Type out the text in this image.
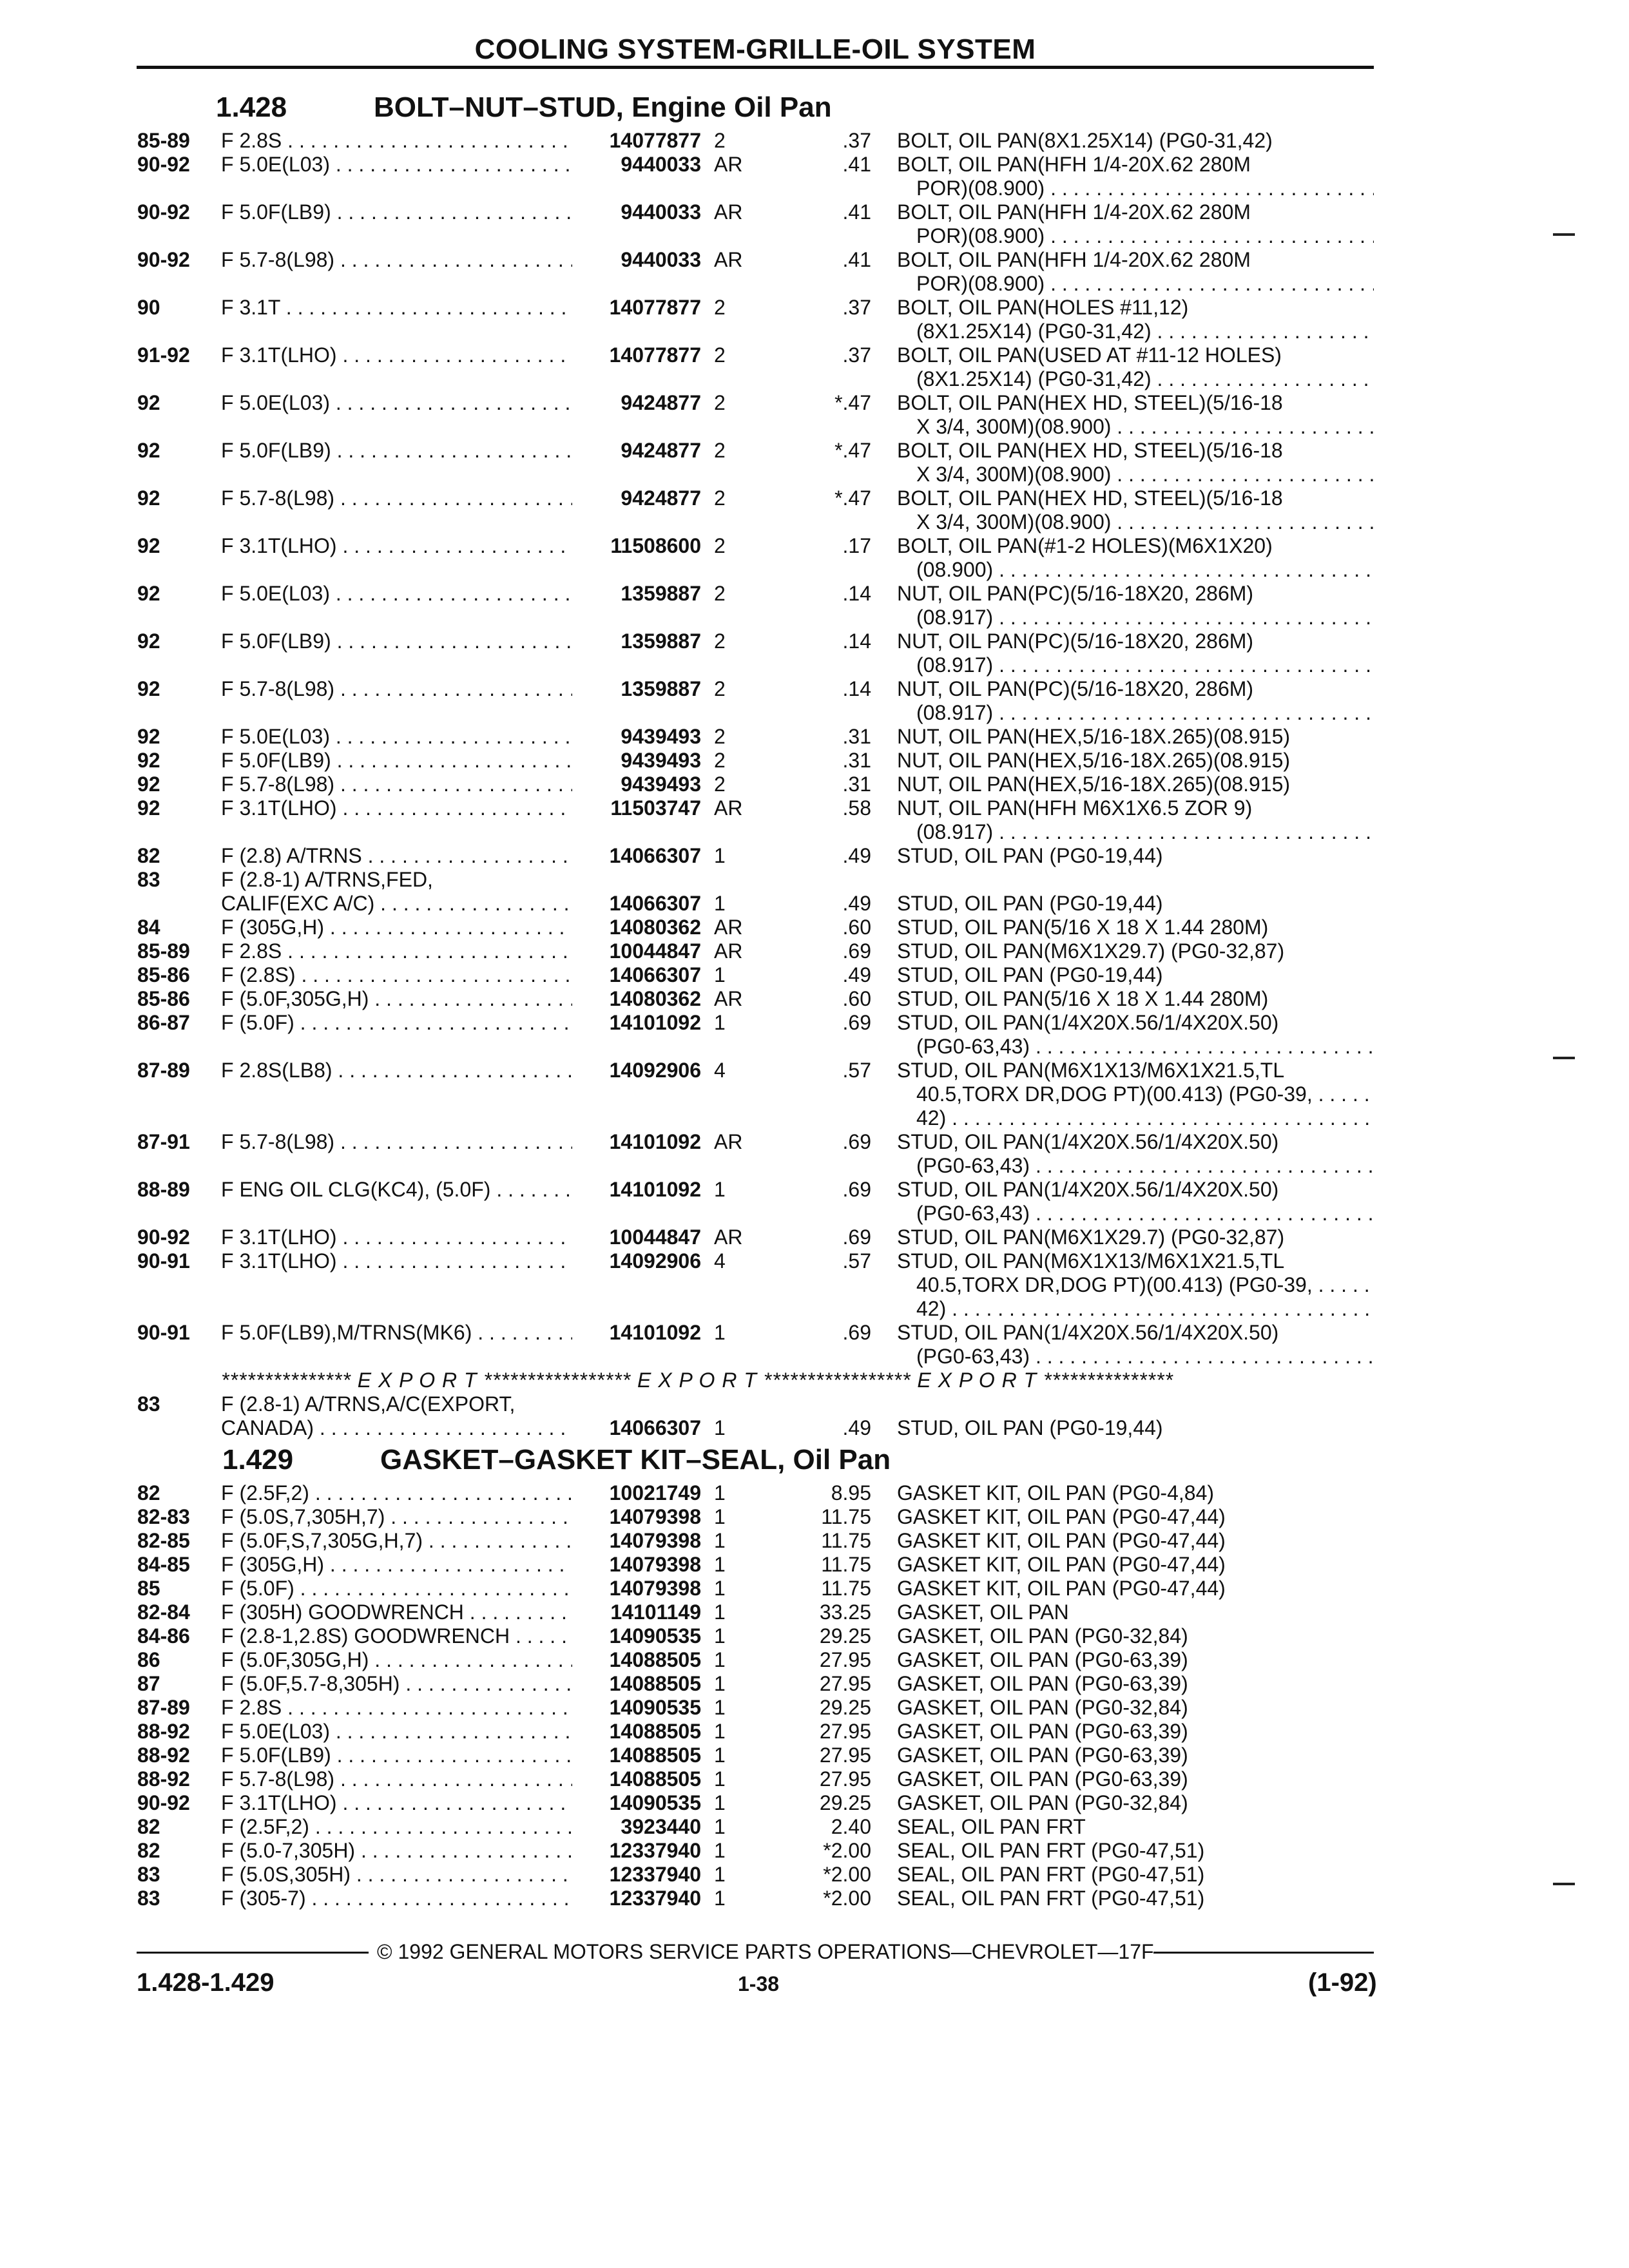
COOLING SYSTEM-GRILLE-OIL SYSTEM
1.428	BOLT–NUT–STUD, Engine Oil Pan
85-89	F 2.8S . . .	14077877 2	.37 BOLT, OIL PAN(8X1.25X14) (PG0-31,42)
90-92	F 5.0E(L03) . . .	9440033 AR	.41 BOLT, OIL PAN(HFH 1/4-20X.62 280M
POR)(08.900) . . .
90-92	F 5.0F(LB9) . . .	9440033 AR	.41 BOLT, OIL PAN(HFH 1/4-20X.62 280M
POR)(08.900) . . .
90-92	F 5.7-8(L98) . . .	9440033 AR	.41 BOLT, OIL PAN(HFH 1/4-20X.62 280M
POR)(08.900) . . .
90	F 3.1T . . .	14077877 2	.37 BOLT, OIL PAN(HOLES #11,12)
(8X1.25X14) (PG0-31,42) . . .
91-92	F 3.1T(LHO) . . .	14077877 2	.37 BOLT, OIL PAN(USED AT #11-12 HOLES)
(8X1.25X14) (PG0-31,42) . . .
92	F 5.0E(L03) . . .	9424877 2	*.47 BOLT, OIL PAN(HEX HD, STEEL)(5/16-18
X 3/4, 300M)(08.900) . . .
92	F 5.0F(LB9) . . .	9424877 2	*.47 BOLT, OIL PAN(HEX HD, STEEL)(5/16-18
X 3/4, 300M)(08.900) . . .
92	F 5.7-8(L98) . . .	9424877 2	*.47 BOLT, OIL PAN(HEX HD, STEEL)(5/16-18
X 3/4, 300M)(08.900) . . .
92	F 3.1T(LHO) . . .	11508600 2	.17 BOLT, OIL PAN(#1-2 HOLES)(M6X1X20)
(08.900) . . .
92	F 5.0E(L03) . . .	1359887 2	.14 NUT, OIL PAN(PC)(5/16-18X20, 286M)
(08.917) . . .
92	F 5.0F(LB9) . . .	1359887 2	.14 NUT, OIL PAN(PC)(5/16-18X20, 286M)
(08.917) . . .
92	F 5.7-8(L98) . . .	1359887 2	.14 NUT, OIL PAN(PC)(5/16-18X20, 286M)
(08.917) . . .
92	F 5.0E(L03) . . .	9439493 2	.31 NUT, OIL PAN(HEX,5/16-18X.265)(08.915)
92	F 5.0F(LB9) . . .	9439493 2	.31 NUT, OIL PAN(HEX,5/16-18X.265)(08.915)
92	F 5.7-8(L98) . . .	9439493 2	.31 NUT, OIL PAN(HEX,5/16-18X.265)(08.915)
92	F 3.1T(LHO) . . .	11503747 AR	.58 NUT, OIL PAN(HFH M6X1X6.5 ZOR 9)
(08.917) . . .
82	F (2.8) A/TRNS . . .	14066307 1	.49 STUD, OIL PAN (PG0-19,44)
83	F (2.8-1) A/TRNS,FED,
CALIF(EXC A/C) . . .	14066307 1	.49 STUD, OIL PAN (PG0-19,44)
84	F (305G,H) . . .	14080362 AR	.60 STUD, OIL PAN(5/16 X 18 X 1.44 280M)
85-89	F 2.8S . . .	10044847 AR	.69 STUD, OIL PAN(M6X1X29.7) (PG0-32,87)
85-86	F (2.8S) . . .	14066307 1	.49 STUD, OIL PAN (PG0-19,44)
85-86	F (5.0F,305G,H) . . .	14080362 AR	.60 STUD, OIL PAN(5/16 X 18 X 1.44 280M)
86-87	F (5.0F) . . .	14101092 1	.69 STUD, OIL PAN(1/4X20X.56/1/4X20X.50)
(PG0-63,43) . . .
87-89	F 2.8S(LB8) . . .	14092906 4	.57 STUD, OIL PAN(M6X1X13/M6X1X21.5,TL
40.5,TORX DR,DOG PT)(00.413) (PG0-39, . . .
42) . . .
87-91	F 5.7-8(L98) . . .	14101092 AR	.69 STUD, OIL PAN(1/4X20X.56/1/4X20X.50)
(PG0-63,43) . . .
88-89	F ENG OIL CLG(KC4), (5.0F) . . .	14101092 1	.69 STUD, OIL PAN(1/4X20X.56/1/4X20X.50)
(PG0-63,43) . . .
90-92	F 3.1T(LHO) . . .	10044847 AR	.69 STUD, OIL PAN(M6X1X29.7) (PG0-32,87)
90-91	F 3.1T(LHO) . . .	14092906 4	.57 STUD, OIL PAN(M6X1X13/M6X1X21.5,TL
40.5,TORX DR,DOG PT)(00.413) (PG0-39, . . .
42) . . .
90-91	F 5.0F(LB9),M/TRNS(MK6) . . .	14101092 1	.69 STUD, OIL PAN(1/4X20X.56/1/4X20X.50)
(PG0-63,43) . . .
*************** E X P O R T ***************** E X P O R T ***************** E X P O R T ***************
83	F (2.8-1) A/TRNS,A/C(EXPORT,
CANADA) . . .	14066307 1	.49 STUD, OIL PAN (PG0-19,44)
1.429	GASKET–GASKET KIT–SEAL, Oil Pan
82	F (2.5F,2) . . .	10021749 1	8.95 GASKET KIT, OIL PAN (PG0-4,84)
82-83	F (5.0S,7,305H,7) . . .	14079398 1	11.75 GASKET KIT, OIL PAN (PG0-47,44)
82-85	F (5.0F,S,7,305G,H,7) . . .	14079398 1	11.75 GASKET KIT, OIL PAN (PG0-47,44)
84-85	F (305G,H) . . .	14079398 1	11.75 GASKET KIT, OIL PAN (PG0-47,44)
85	F (5.0F) . . .	14079398 1	11.75 GASKET KIT, OIL PAN (PG0-47,44)
82-84	F (305H) GOODWRENCH . . .	14101149 1	33.25 GASKET, OIL PAN
84-86	F (2.8-1,2.8S) GOODWRENCH . . .	14090535 1	29.25 GASKET, OIL PAN (PG0-32,84)
86	F (5.0F,305G,H) . . .	14088505 1	27.95 GASKET, OIL PAN (PG0-63,39)
87	F (5.0F,5.7-8,305H) . . .	14088505 1	27.95 GASKET, OIL PAN (PG0-63,39)
87-89	F 2.8S . . .	14090535 1	29.25 GASKET, OIL PAN (PG0-32,84)
88-92	F 5.0E(L03) . . .	14088505 1	27.95 GASKET, OIL PAN (PG0-63,39)
88-92	F 5.0F(LB9) . . .	14088505 1	27.95 GASKET, OIL PAN (PG0-63,39)
88-92	F 5.7-8(L98) . . .	14088505 1	27.95 GASKET, OIL PAN (PG0-63,39)
90-92	F 3.1T(LHO) . . .	14090535 1	29.25 GASKET, OIL PAN (PG0-32,84)
82	F (2.5F,2) . . .	3923440 1	2.40 SEAL, OIL PAN FRT
82	F (5.0-7,305H) . . .	12337940 1	*2.00 SEAL, OIL PAN FRT (PG0-47,51)
83	F (5.0S,305H) . . .	12337940 1	*2.00 SEAL, OIL PAN FRT (PG0-47,51)
83	F (305-7) . . .	12337940 1	*2.00 SEAL, OIL PAN FRT (PG0-47,51)
© 1992 GENERAL MOTORS SERVICE PARTS OPERATIONS—CHEVROLET—17F
1.428-1.429	1-38	(1-92)
